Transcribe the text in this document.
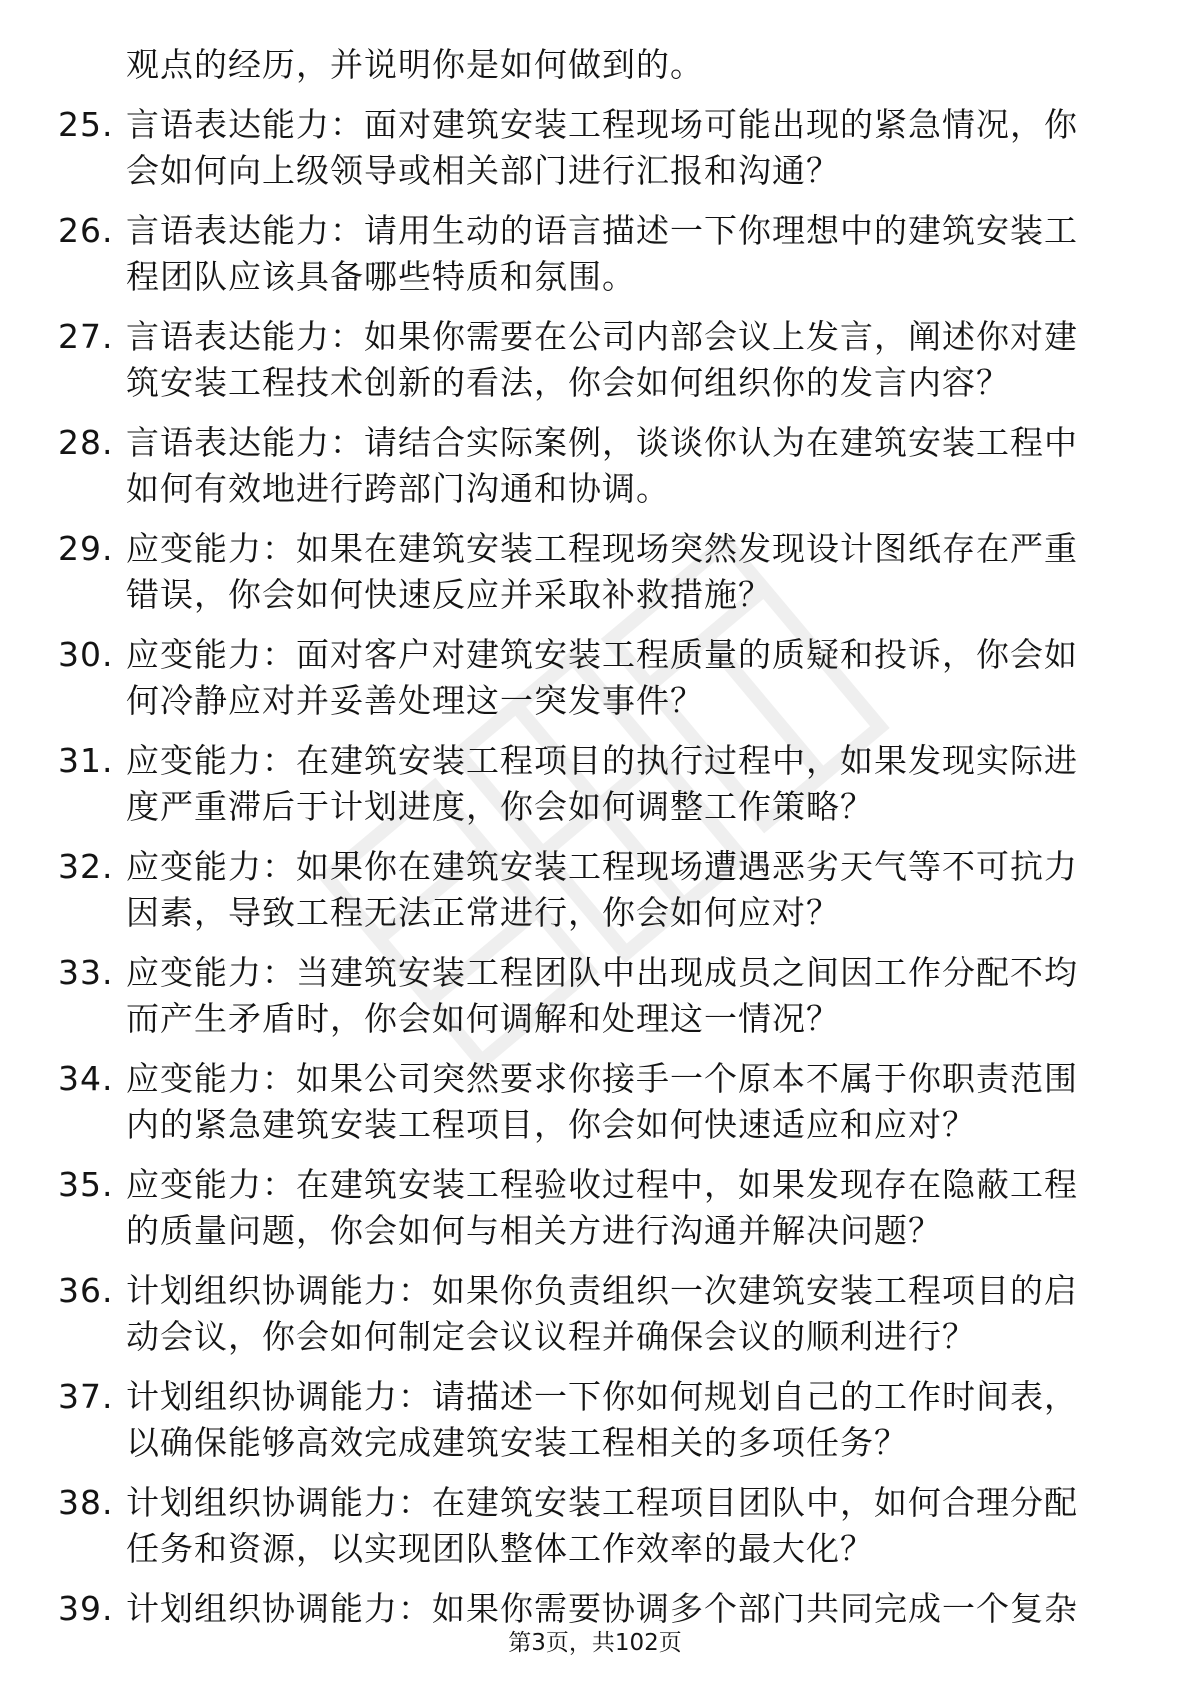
观点的经历，并说明你是如何做到的。
25. 言语表达能力：面对建筑安装工程现场可能出现的紧急情况，你
会如何向上级领导或相关部门进行汇报和沟通？
26. 言语表达能力：请用生动的语言描述一下你理想中的建筑安装工
程团队应该具备哪些特质和氛围。
27. 言语表达能力：如果你需要在公司内部会议上发言，阐述你对建
筑安装工程技术创新的看法，你会如何组织你的发言内容？
28. 言语表达能力：请结合实际案例，谈谈你认为在建筑安装工程中
如何有效地进行跨部门沟通和协调。
29. 应变能力：如果在建筑安装工程现场突然发现设计图纸存在严重
错误，你会如何快速反应并采取补救措施？
30. 应变能力：面对客户对建筑安装工程质量的质疑和投诉，你会如
何冷静应对并妥善处理这一突发事件？
31. 应变能力：在建筑安装工程项目的执行过程中，如果发现实际进
度严重滞后于计划进度，你会如何调整工作策略？
32. 应变能力：如果你在建筑安装工程现场遭遇恶劣天气等不可抗力
因素，导致工程无法正常进行，你会如何应对？
33. 应变能力：当建筑安装工程团队中出现成员之间因工作分配不均
而产生矛盾时，你会如何调解和处理这一情况？
34. 应变能力：如果公司突然要求你接手一个原本不属于你职责范围
内的紧急建筑安装工程项目，你会如何快速适应和应对？
35. 应变能力：在建筑安装工程验收过程中，如果发现存在隐蔽工程
的质量问题，你会如何与相关方进行沟通并解决问题？
36. 计划组织协调能力：如果你负责组织一次建筑安装工程项目的启
动会议，你会如何制定会议议程并确保会议的顺利进行？
37. 计划组织协调能力：请描述一下你如何规划自己的工作时间表，
以确保能够高效完成建筑安装工程相关的多项任务？
38. 计划组织协调能力：在建筑安装工程项目团队中，如何合理分配
任务和资源，以实现团队整体工作效率的最大化？
39. 计划组织协调能力：如果你需要协调多个部门共同完成一个复杂
第3页，共102页
